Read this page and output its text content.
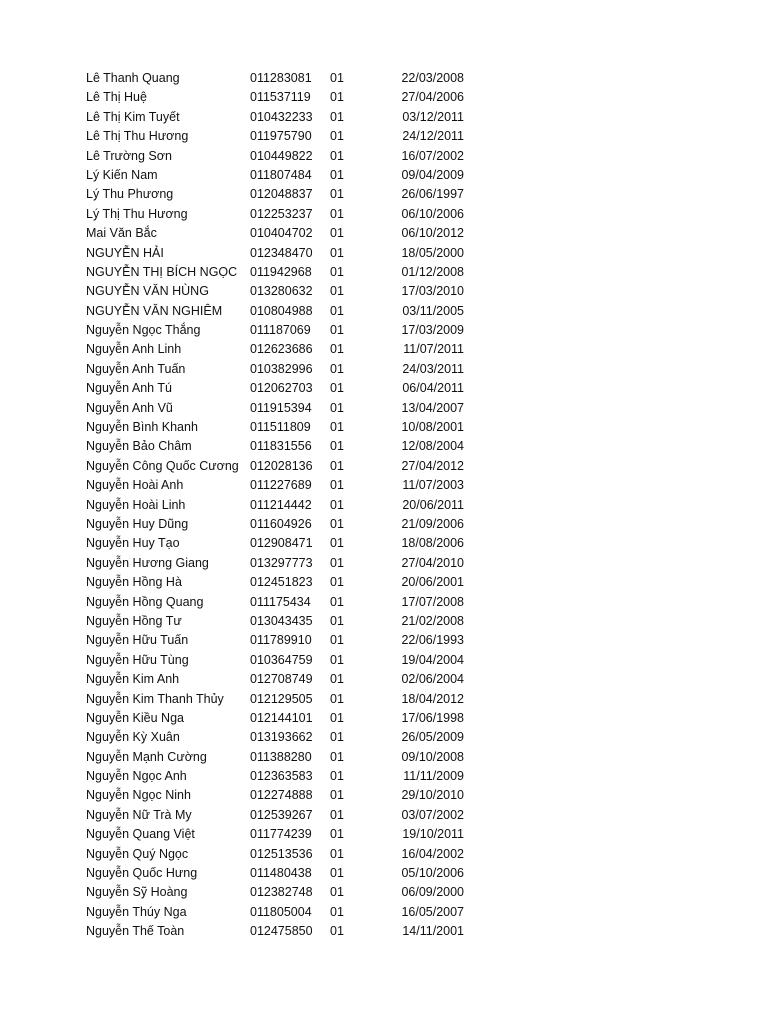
Lê Thanh Quang	011283081	01	22/03/2008
Lê Thị Huệ	011537119	01	27/04/2006
Lê Thị Kim Tuyết	010432233	01	03/12/2011
Lê Thị Thu Hương	011975790	01	24/12/2011
Lê Trường Sơn	010449822	01	16/07/2002
Lý Kiến Nam	011807484	01	09/04/2009
Lý Thu Phương	012048837	01	26/06/1997
Lý Thị Thu Hương	012253237	01	06/10/2006
Mai Văn Bắc	010404702	01	06/10/2012
NGUYỄN HẢI	012348470	01	18/05/2000
NGUYỄN THỊ BÍCH NGỌC	011942968	01	01/12/2008
NGUYỄN VĂN HÙNG	013280632	01	17/03/2010
NGUYỄN VĂN NGHIÊM	010804988	01	03/11/2005
Nguyễn Ngọc Thắng	011187069	01	17/03/2009
Nguyễn Anh Linh	012623686	01	11/07/2011
Nguyễn Anh Tuấn	010382996	01	24/03/2011
Nguyễn Anh Tú	012062703	01	06/04/2011
Nguyễn Anh Vũ	011915394	01	13/04/2007
Nguyễn Bình Khanh	011511809	01	10/08/2001
Nguyễn Bảo Châm	011831556	01	12/08/2004
Nguyễn Công Quốc Cương 012028136	01	27/04/2012
Nguyễn Hoài Anh	011227689	01	11/07/2003
Nguyễn Hoài Linh	011214442	01	20/06/2011
Nguyễn Huy Dũng	011604926	01	21/09/2006
Nguyễn Huy Tạo	012908471	01	18/08/2006
Nguyễn Hương Giang	013297773	01	27/04/2010
Nguyễn Hồng Hà	012451823	01	20/06/2001
Nguyễn Hồng Quang	011175434	01	17/07/2008
Nguyễn Hồng Tư	013043435	01	21/02/2008
Nguyễn Hữu Tuấn	011789910	01	22/06/1993
Nguyễn Hữu Tùng	010364759	01	19/04/2004
Nguyễn Kim Anh	012708749	01	02/06/2004
Nguyễn Kim Thanh Thủy	012129505	01	18/04/2012
Nguyễn Kiều Nga	012144101	01	17/06/1998
Nguyễn Kỳ Xuân	013193662	01	26/05/2009
Nguyễn Mạnh Cường	011388280	01	09/10/2008
Nguyễn Ngọc Anh	012363583	01	11/11/2009
Nguyễn Ngọc Ninh	012274888	01	29/10/2010
Nguyễn Nữ Trà My	012539267	01	03/07/2002
Nguyễn Quang Việt	011774239	01	19/10/2011
Nguyễn Quý Ngọc	012513536	01	16/04/2002
Nguyễn Quốc Hưng	011480438	01	05/10/2006
Nguyễn Sỹ Hoàng	012382748	01	06/09/2000
Nguyễn Thúy Nga	011805004	01	16/05/2007
Nguyễn Thế Toàn	012475850	01	14/11/2001
